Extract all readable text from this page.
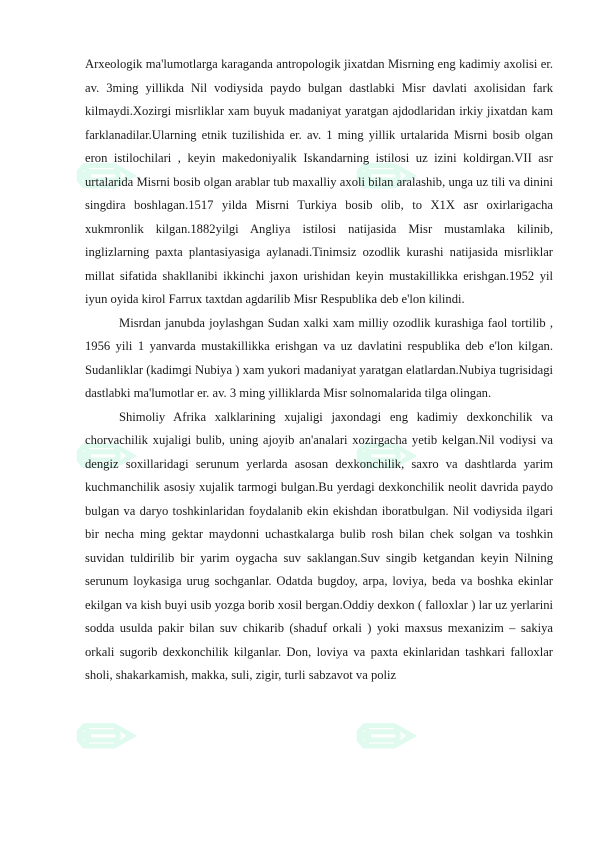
✎	✎
✎	✎
✎	✎

Arxeologik ma'lumotlarga karaganda antropologik jixatdan Misrning eng kadimiy axolisi er. av. 3ming yillikda Nil vodiysida paydo bulgan dastlabki Misr davlati axolisidan fark kilmaydi.Xozirgi misrliklar xam buyuk madaniyat yaratgan ajdodlaridan irkiy jixatdan kam farklanadilar.Ularning etnik tuzilishida er. av. 1 ming yillik urtalarida Misrni bosib olgan eron istilochilari , keyin makedoniyalik Iskandarning istilosi uz izini koldirgan.VII asr urtalarida Misrni bosib olgan arablar tub maxalliy axoli bilan aralashib, unga uz tili va dinini singdira boshlagan.1517 yilda Misrni Turkiya bosib olib, to X1X asr oxirlarigacha xukmronlik kilgan.1882yilgi Angliya istilosi natijasida Misr mustamlaka kilinib, inglizlarning paxta plantasiyasiga aylanadi.Tinimsiz ozodlik kurashi natijasida misrliklar millat sifatida shakllanibi ikkinchi jaxon urishidan keyin mustakillikka erishgan.1952 yil iyun oyida kirol Farrux taxtdan agdarilib Misr Respublika deb e'lon kilindi.

Misrdan janubda joylashgan Sudan xalki xam milliy ozodlik kurashiga faol tortilib , 1956 yili 1 yanvarda mustakillikka erishgan va uz davlatini respublika deb e'lon kilgan. Sudanliklar (kadimgi Nubiya ) xam yukori madaniyat yaratgan elatlardan.Nubiya tugrisidagi dastlabki ma'lumotlar er. av. 3 ming yilliklarda Misr solnomalarida tilga olingan.

Shimoliy Afrika xalklarining xujaligi jaxondagi eng kadimiy dexkonchilik va chorvachilik xujaligi bulib, uning ajoyib an'analari xozirgacha yetib kelgan.Nil vodiysi va dengiz soxillaridagi serunum yerlarda asosan dexkonchilik, saxro va dashtlarda yarim kuchmanchilik asosiy xujalik tarmogi bulgan.Bu yerdagi dexkonchilik neolit davrida paydo bulgan va daryo toshkinlaridan foydalanib ekin ekishdan iboratbulgan. Nil vodiysida ilgari bir necha ming gektar maydonni uchastkalarga bulib rosh bilan chek solgan va toshkin suvidan tuldirilib bir yarim oygacha suv saklangan.Suv singib ketgandan keyin Nilning serunum loykasiga urug sochganlar. Odatda bugdoy, arpa, loviya, beda va boshka ekinlar ekilgan va kish buyi usib yozga borib xosil bergan.Oddiy dexkon ( falloxlar ) lar uz yerlarini sodda usulda pakir bilan suv chikarib (shaduf orkali ) yoki maxsus mexanizim – sakiya orkali sugorib dexkonchilik kilganlar. Don, loviya va paxta ekinlaridan tashkari falloxlar sholi, shakarkamish, makka, suli, zigir, turli sabzavot va poliz
